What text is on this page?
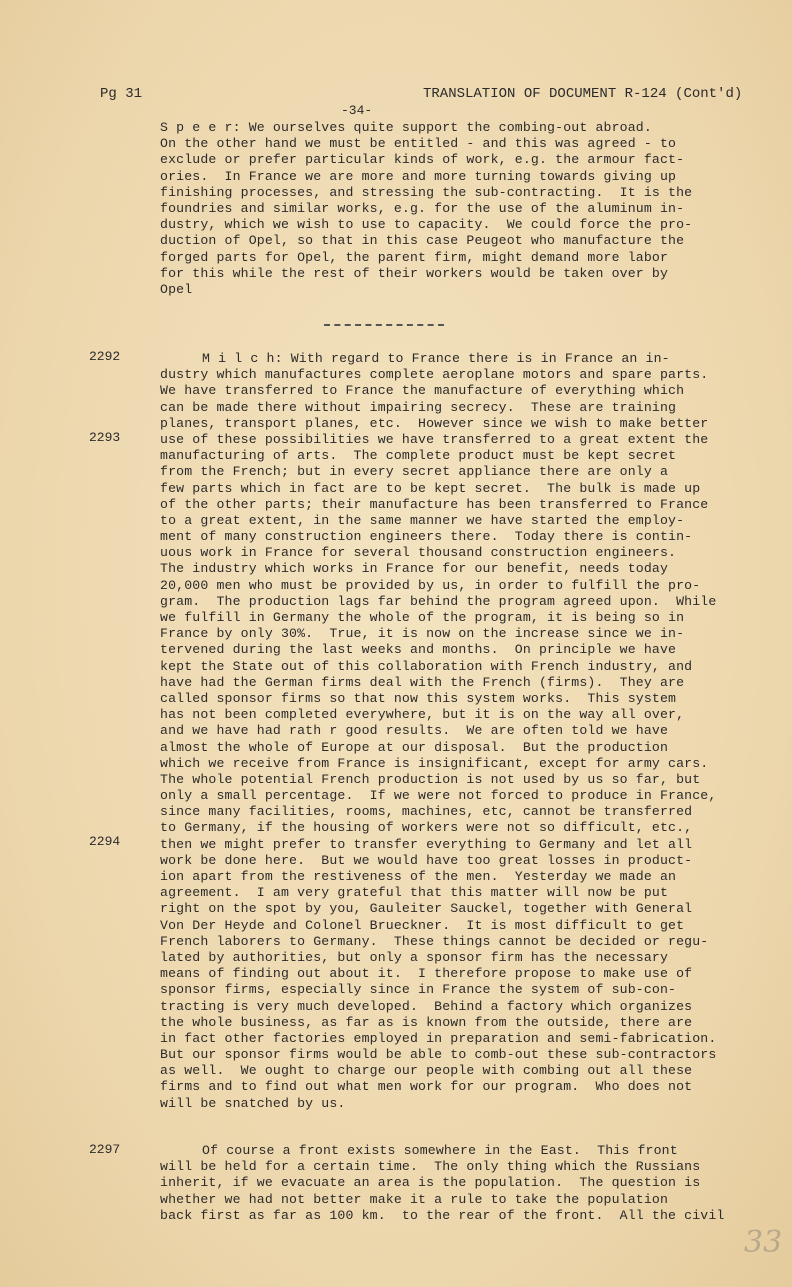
Pg 31	TRANSLATION OF DOCUMENT R-124 (Cont'd)
-34-
S p e e r: We ourselves quite support the combing-out abroad.
On the other hand we must be entitled - and this was agreed - to
exclude or prefer particular kinds of work, e.g. the armour fact-
ories.  In France we are more and more turning towards giving up
finishing processes, and stressing the sub-contracting.  It is the
foundries and similar works, e.g. for the use of the aluminum in-
dustry, which we wish to use to capacity.  We could force the pro-
duction of Opel, so that in this case Peugeot who manufacture the
forged parts for Opel, the parent firm, might demand more labor
for this while the rest of their workers would be taken over by
Opel
2292
2293
2294
2297
M i l c h: With regard to France there is in France an in-
dustry which manufactures complete aeroplane motors and spare parts.
We have transferred to France the manufacture of everything which
can be made there without impairing secrecy.  These are training
planes, transport planes, etc.  However since we wish to make better
use of these possibilities we have transferred to a great extent the
manufacturing of arts.  The complete product must be kept secret
from the French; but in every secret appliance there are only a
few parts which in fact are to be kept secret.  The bulk is made up
of the other parts; their manufacture has been transferred to France
to a great extent, in the same manner we have started the employ-
ment of many construction engineers there.  Today there is contin-
uous work in France for several thousand construction engineers.
The industry which works in France for our benefit, needs today
20,000 men who must be provided by us, in order to fulfill the pro-
gram.  The production lags far behind the program agreed upon.  While
we fulfill in Germany the whole of the program, it is being so in
France by only 30%.  True, it is now on the increase since we in-
tervened during the last weeks and months.  On principle we have
kept the State out of this collaboration with French industry, and
have had the German firms deal with the French (firms).  They are
called sponsor firms so that now this system works.  This system
has not been completed everywhere, but it is on the way all over,
and we have had rath r good results.  We are often told we have
almost the whole of Europe at our disposal.  But the production
which we receive from France is insignificant, except for army cars.
The whole potential French production is not used by us so far, but
only a small percentage.  If we were not forced to produce in France,
since many facilities, rooms, machines, etc, cannot be transferred
to Germany, if the housing of workers were not so difficult, etc.,
then we might prefer to transfer everything to Germany and let all
work be done here.  But we would have too great losses in product-
ion apart from the restiveness of the men.  Yesterday we made an
agreement.  I am very grateful that this matter will now be put
right on the spot by you, Gauleiter Sauckel, together with General
Von Der Heyde and Colonel Brueckner.  It is most difficult to get
French laborers to Germany.  These things cannot be decided or regu-
lated by authorities, but only a sponsor firm has the necessary
means of finding out about it.  I therefore propose to make use of
sponsor firms, especially since in France the system of sub-con-
tracting is very much developed.  Behind a factory which organizes
the whole business, as far as is known from the outside, there are
in fact other factories employed in preparation and semi-fabrication.
But our sponsor firms would be able to comb-out these sub-contractors
as well.  We ought to charge our people with combing out all these
firms and to find out what men work for our program.  Who does not
will be snatched by us.
Of course a front exists somewhere in the East.  This front
will be held for a certain time.  The only thing which the Russians
inherit, if we evacuate an area is the population.  The question is
whether we had not better make it a rule to take the population
back first as far as 100 km.  to the rear of the front.  All the civil
33
